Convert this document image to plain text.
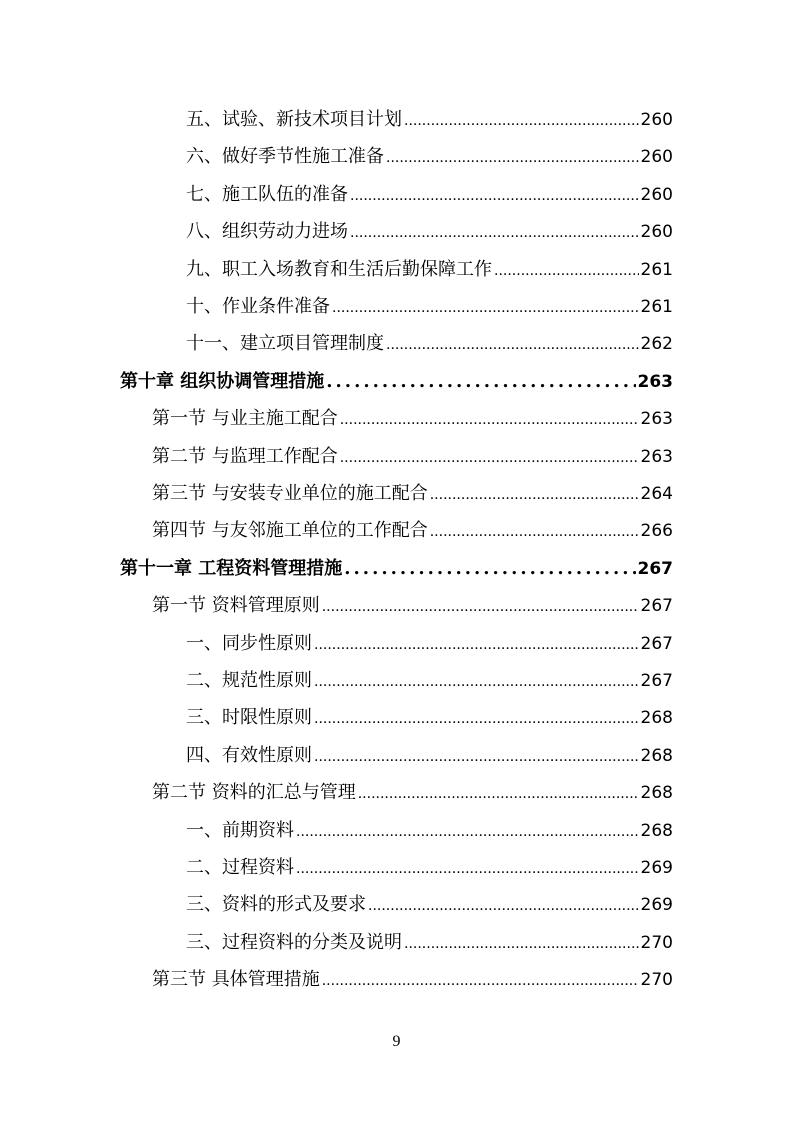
五、试验、新技术项目计划 .....	260
六、做好季节性施工准备 .....	260
七、施工队伍的准备 .....	260
八、组织劳动力进场 .....	260
九、职工入场教育和生活后勤保障工作 .....	261
十、作业条件准备 .....	261
十一、建立项目管理制度 .....	262
第十章 组织协调管理措施 .....	263
第一节 与业主施工配合 .....	263
第二节 与监理工作配合 .....	263
第三节 与安装专业单位的施工配合 .....	264
第四节 与友邻施工单位的工作配合 .....	266
第十一章 工程资料管理措施 .....	267
第一节 资料管理原则 .....	267
一、同步性原则 .....	267
二、规范性原则 .....	267
三、时限性原则 .....	268
四、有效性原则 .....	268
第二节 资料的汇总与管理 .....	268
一、前期资料 .....	268
二、过程资料 .....	269
三、资料的形式及要求 .....	269
三、过程资料的分类及说明 .....	270
第三节 具体管理措施 .....	270
9
